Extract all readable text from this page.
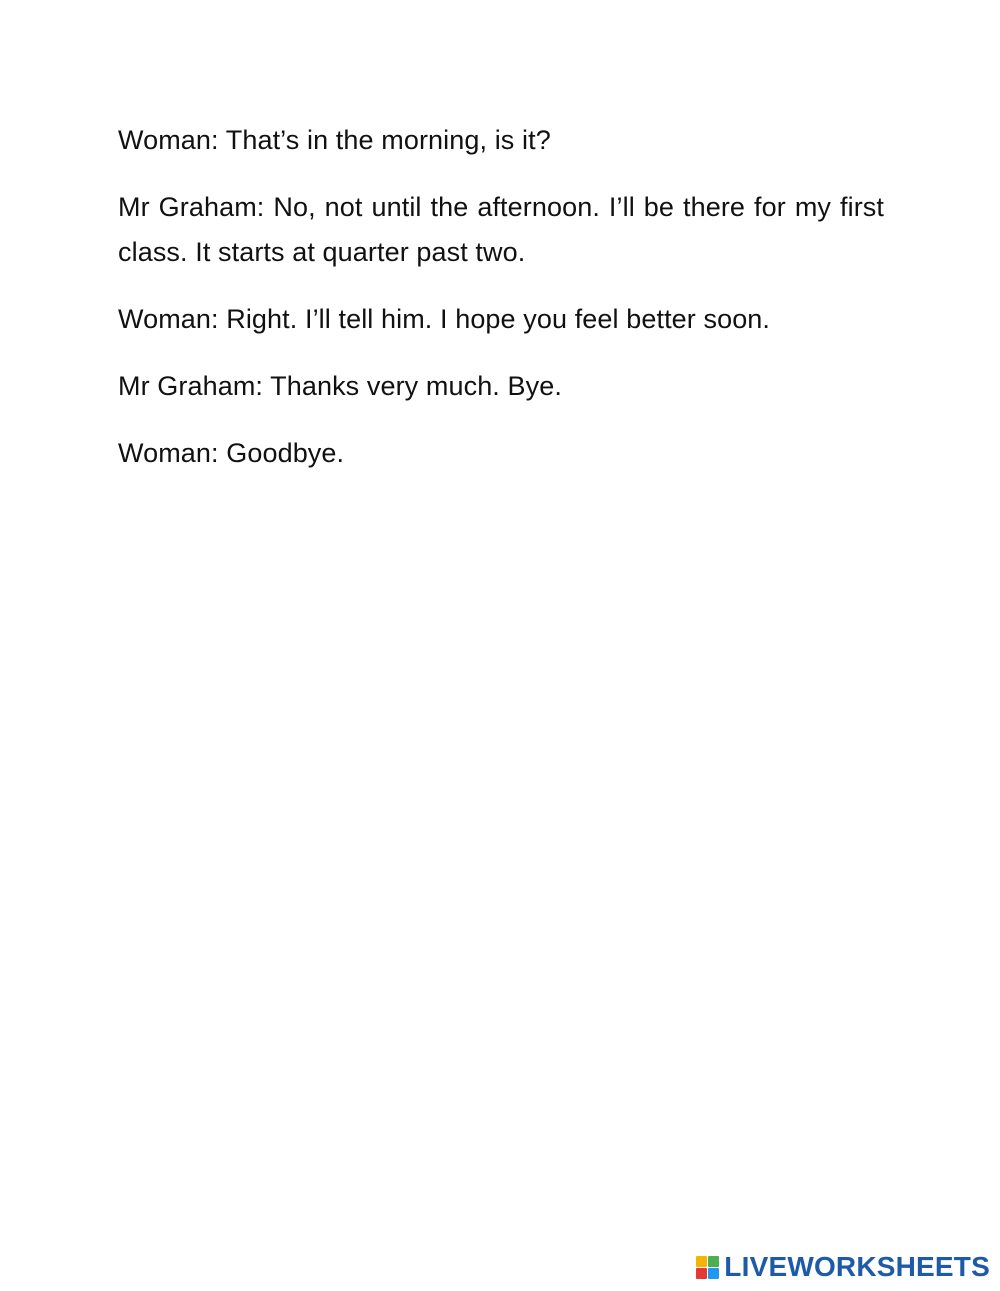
Woman: That’s in the morning, is it?

Mr Graham: No, not until the afternoon. I’ll be there for my first class. It starts at quarter past two.

Woman: Right. I’ll tell him. I hope you feel better soon.

Mr Graham: Thanks very much. Bye.

Woman: Goodbye.

LIVEWORKSHEETS
